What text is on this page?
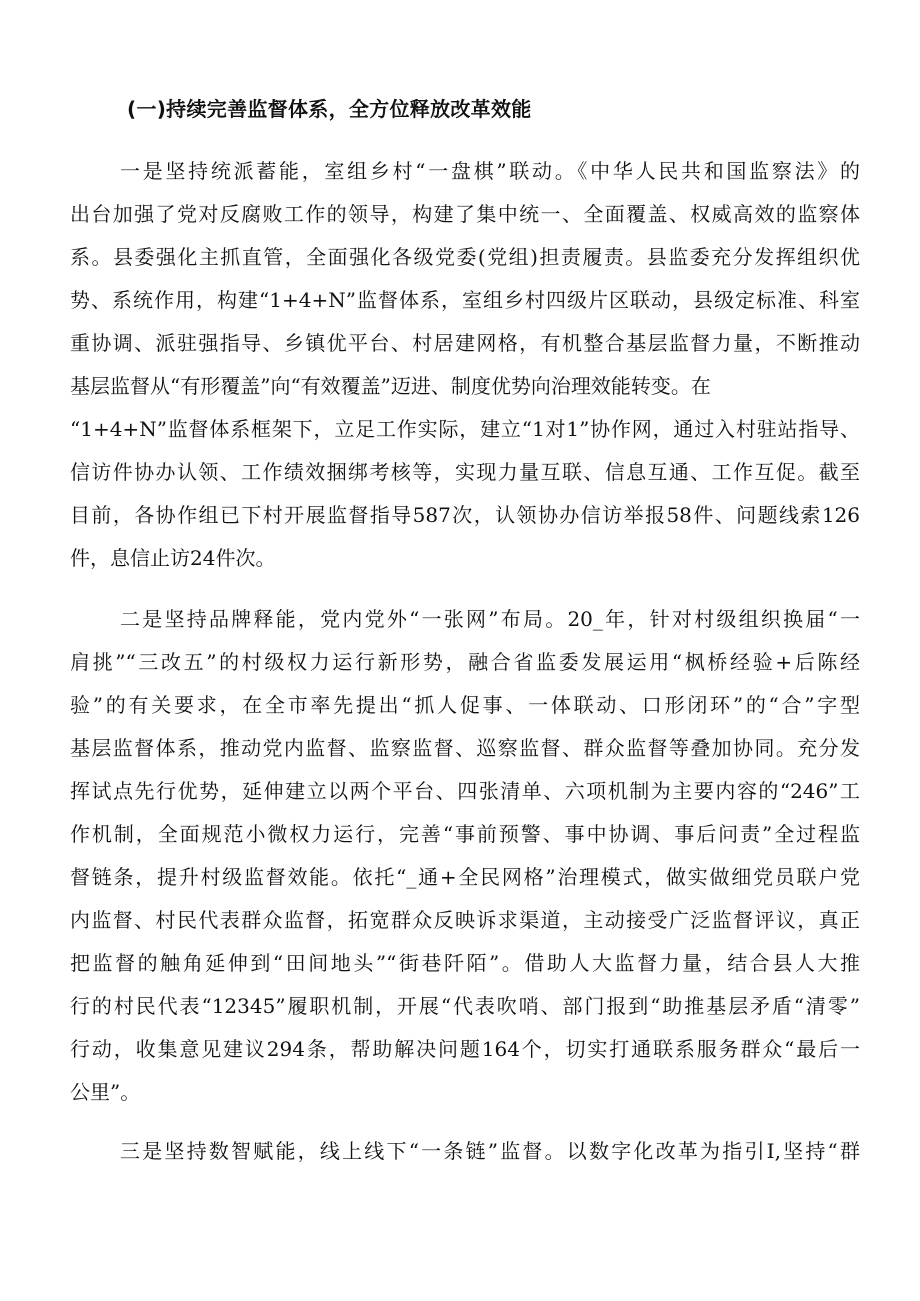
(一)持续完善监督体系，全方位释放改革效能
一是坚持统派蓄能，室组乡村“一盘棋”联动。《中华人民共和国监察法》的
出台加强了党对反腐败工作的领导，构建了集中统一、全面覆盖、权威高效的监察体
系。县委强化主抓直管，全面强化各级党委(党组)担责履责。县监委充分发挥组织优
势、系统作用，构建“1+4+N”监督体系，室组乡村四级片区联动，县级定标准、科室
重协调、派驻强指导、乡镇优平台、村居建网格，有机整合基层监督力量，不断推动
基层监督从“有形覆盖”向“有效覆盖”迈进、制度优势向治理效能转变。在
“1+4+N”监督体系框架下，立足工作实际，建立“1对1”协作网，通过入村驻站指导、
信访件协办认领、工作绩效捆绑考核等，实现力量互联、信息互通、工作互促。截至
目前，各协作组已下村开展监督指导587次，认领协办信访举报58件、问题线索126
件，息信止访24件次。
二是坚持品牌释能，党内党外“一张网”布局。20_年，针对村级组织换届“一
肩挑”“三改五”的村级权力运行新形势，融合省监委发展运用“枫桥经验+后陈经
验”的有关要求，在全市率先提出“抓人促事、一体联动、口形闭环”的“合”字型
基层监督体系，推动党内监督、监察监督、巡察监督、群众监督等叠加协同。充分发
挥试点先行优势，延伸建立以两个平台、四张清单、六项机制为主要内容的“246”工
作机制，全面规范小微权力运行，完善“事前预警、事中协调、事后问责”全过程监
督链条，提升村级监督效能。依托“_通+全民网格”治理模式，做实做细党员联户党
内监督、村民代表群众监督，拓宽群众反映诉求渠道，主动接受广泛监督评议，真正
把监督的触角延伸到“田间地头”“街巷阡陌”。借助人大监督力量，结合县人大推
行的村民代表“12345”履职机制，开展“代表吹哨、部门报到“助推基层矛盾“清零”
行动，收集意见建议294条，帮助解决问题164个，切实打通联系服务群众“最后一
公里”。
三是坚持数智赋能，线上线下“一条链”监督。以数字化改革为指引I,坚持“群
